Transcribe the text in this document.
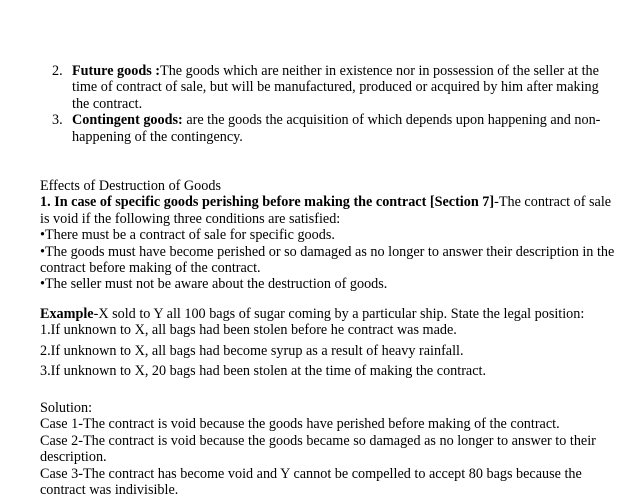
2. Future goods :The goods which are neither in existence nor in possession of the seller at the time of contract of sale, but will be manufactured, produced or acquired by him after making the contract.
3. Contingent goods: are the goods the acquisition of which depends upon happening and non-happening of the contingency.

Effects of Destruction of Goods

1. In case of specific goods perishing before making the contract [Section 7]-The contract of sale is void if the following three conditions are satisfied:

•There must be a contract of sale for specific goods.

•The goods must have become perished or so damaged as no longer to answer their description in the contract before making of the contract.

•The seller must not be aware about the destruction of goods.

Example-X sold to Y all 100 bags of sugar coming by a particular ship. State the legal position:

1.If unknown to X, all bags had been stolen before he contract was made.

2.If unknown to X, all bags had become syrup as a result of heavy rainfall.

3.If unknown to X, 20 bags had been stolen at the time of making the contract.

Solution:

Case 1-The contract is void because the goods have perished before making of the contract.

Case 2-The contract is void because the goods became so damaged as no longer to answer to their description.

Case 3-The contract has become void and Y cannot be compelled to accept 80 bags because the contract was indivisible.
